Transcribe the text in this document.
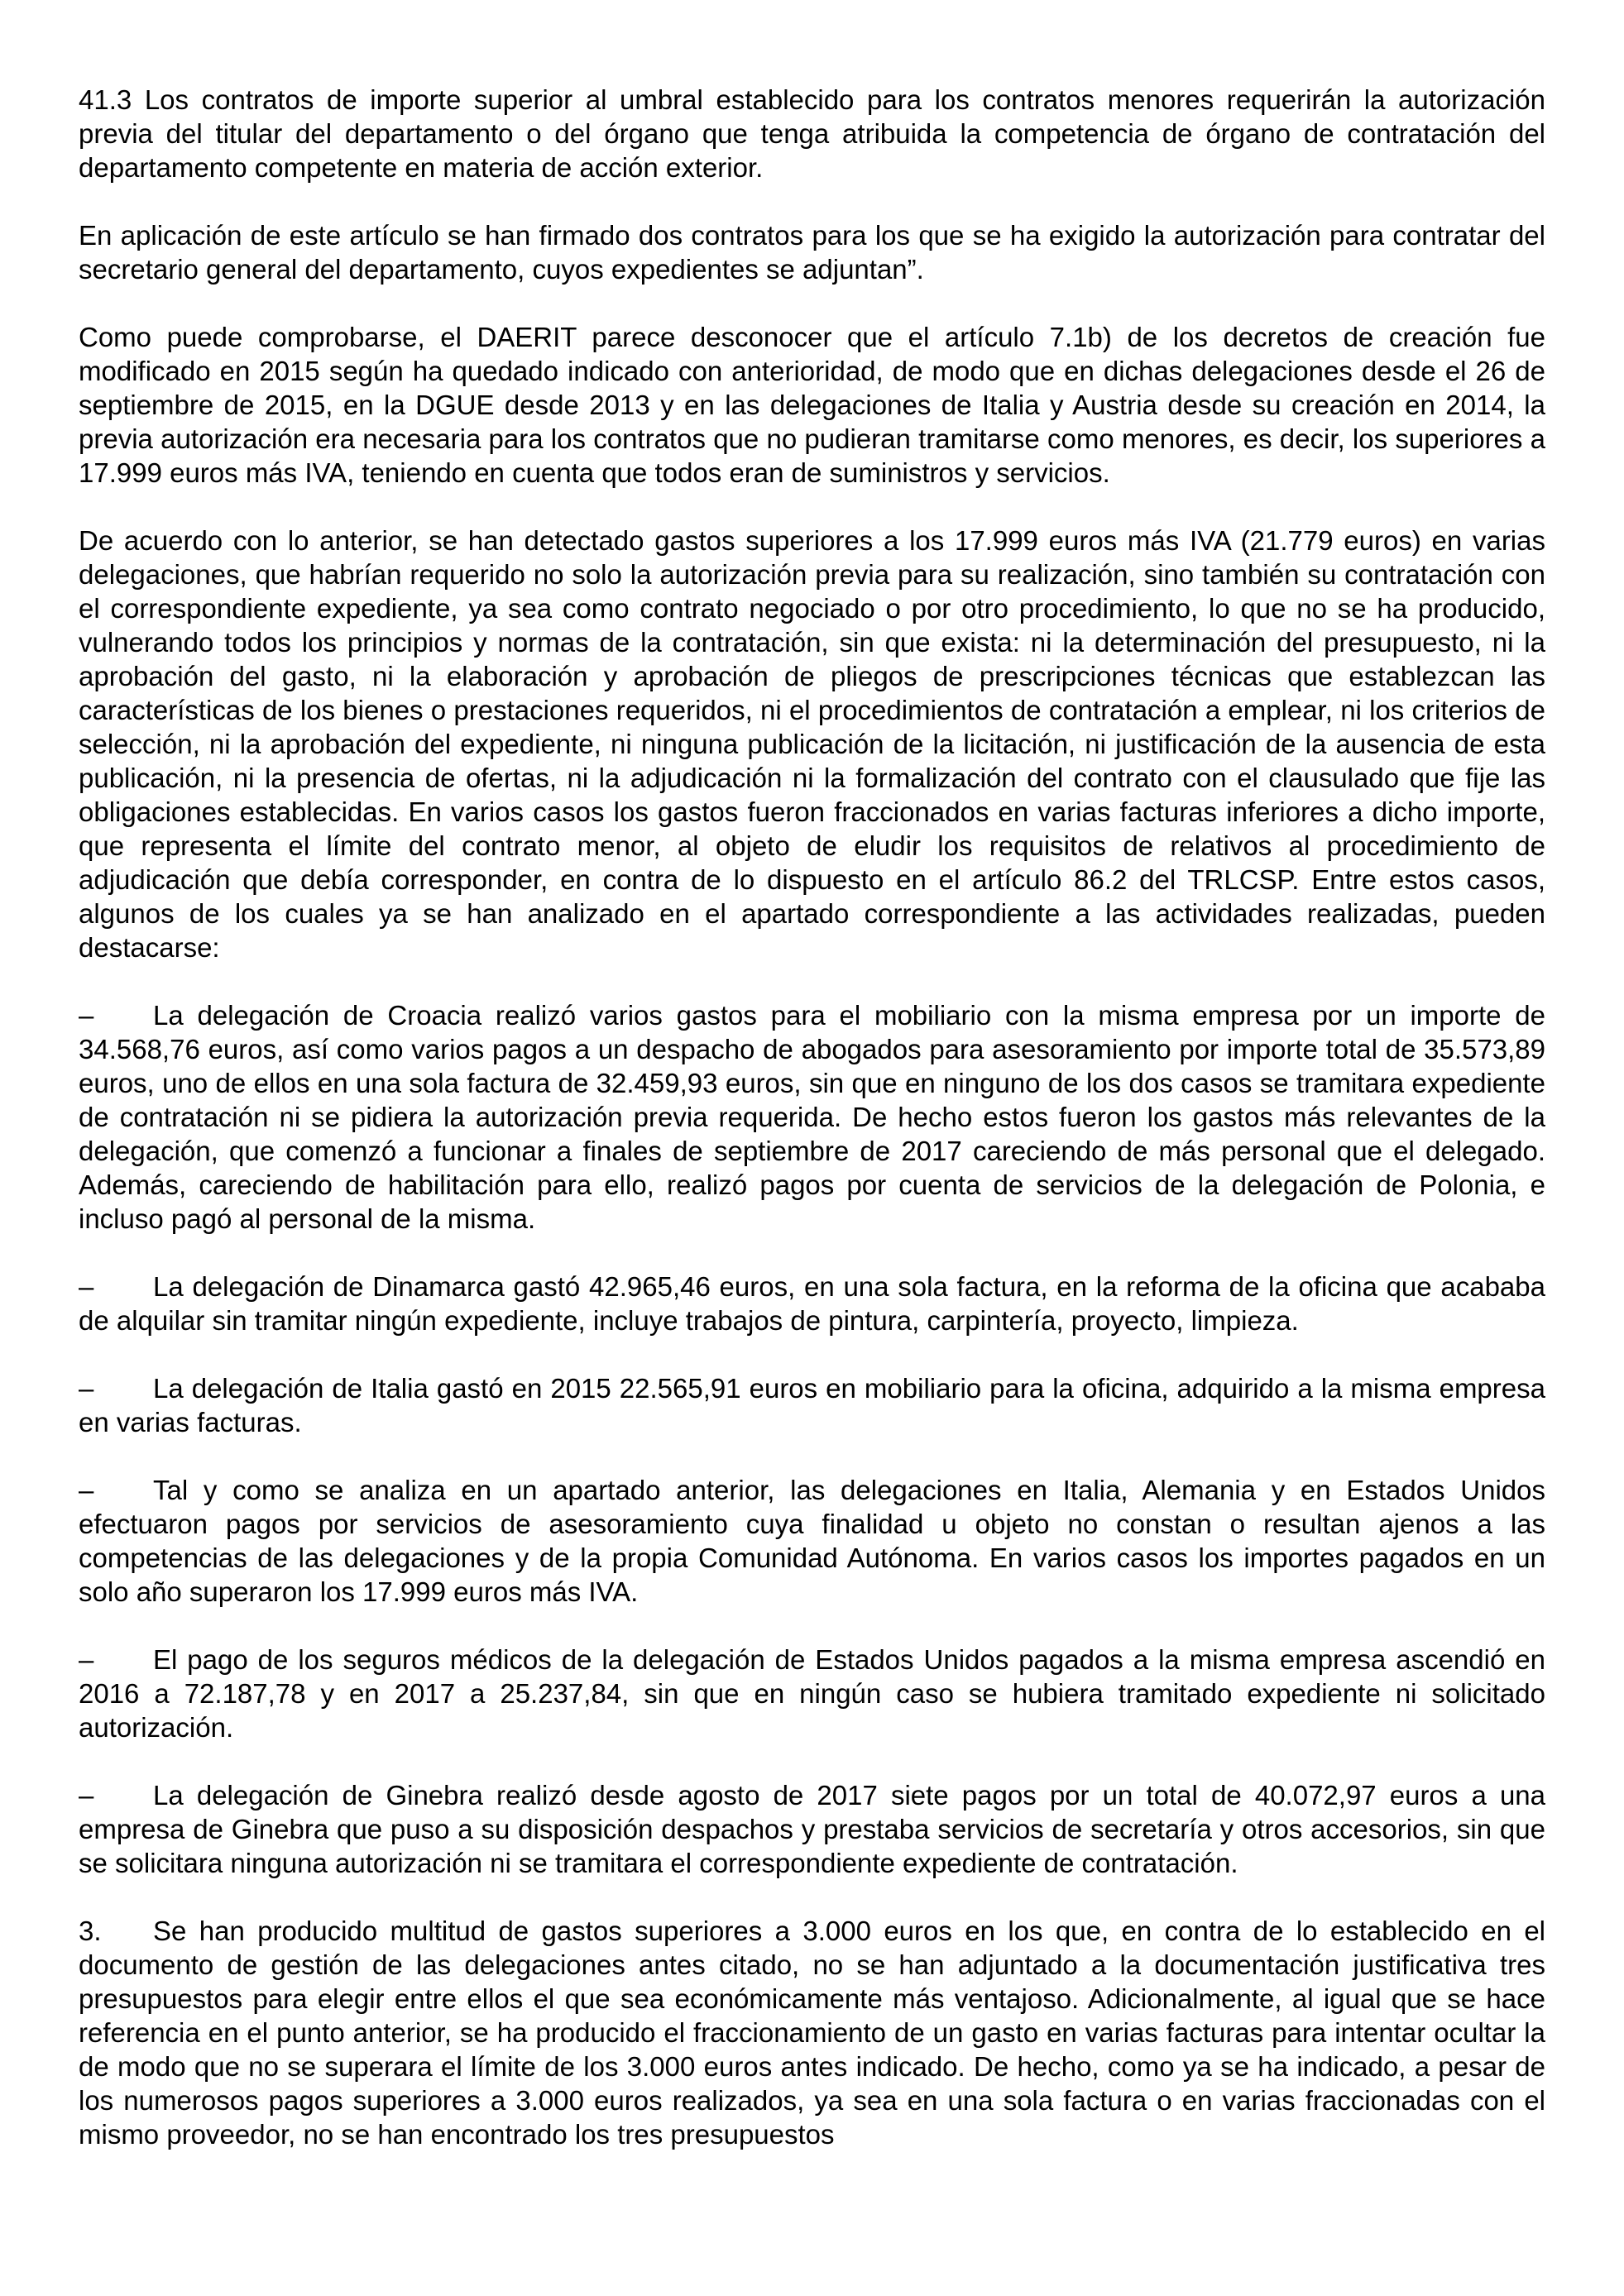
41.3 Los contratos de importe superior al umbral establecido para los contratos menores requerirán la autorización previa del titular del departamento o del órgano que tenga atribuida la competencia de órgano de contratación del departamento competente en materia de acción exterior.

En aplicación de este artículo se han firmado dos contratos para los que se ha exigido la autorización para contratar del secretario general del departamento, cuyos expedientes se adjuntan”.

Como puede comprobarse, el DAERIT parece desconocer que el artículo 7.1b) de los decretos de creación fue modificado en 2015 según ha quedado indicado con anterioridad, de modo que en dichas delegaciones desde el 26 de septiembre de 2015, en la DGUE desde 2013 y en las delegaciones de Italia y Austria desde su creación en 2014, la previa autorización era necesaria para los contratos que no pudieran tramitarse como menores, es decir, los superiores a 17.999 euros más IVA, teniendo en cuenta que todos eran de suministros y servicios.

De acuerdo con lo anterior, se han detectado gastos superiores a los 17.999 euros más IVA (21.779 euros) en varias delegaciones, que habrían requerido no solo la autorización previa para su realización, sino también su contratación con el correspondiente expediente, ya sea como contrato negociado o por otro procedimiento, lo que no se ha producido, vulnerando todos los principios y normas de la contratación, sin que exista: ni la determinación del presupuesto, ni la aprobación del gasto, ni la elaboración y aprobación de pliegos de prescripciones técnicas que establezcan las características de los bienes o prestaciones requeridos, ni el procedimientos de contratación a emplear, ni los criterios de selección, ni la aprobación del expediente, ni ninguna publicación de la licitación, ni justificación de la ausencia de esta publicación, ni la presencia de ofertas, ni la adjudicación ni la formalización del contrato con el clausulado que fije las obligaciones establecidas. En varios casos los gastos fueron fraccionados en varias facturas inferiores a dicho importe, que representa el límite del contrato menor, al objeto de eludir los requisitos de relativos al procedimiento de adjudicación que debía corresponder, en contra de lo dispuesto en el artículo 86.2 del TRLCSP. Entre estos casos, algunos de los cuales ya se han analizado en el apartado correspondiente a las actividades realizadas, pueden destacarse:

– La delegación de Croacia realizó varios gastos para el mobiliario con la misma empresa por un importe de 34.568,76 euros, así como varios pagos a un despacho de abogados para asesoramiento por importe total de 35.573,89 euros, uno de ellos en una sola factura de 32.459,93 euros, sin que en ninguno de los dos casos se tramitara expediente de contratación ni se pidiera la autorización previa requerida. De hecho estos fueron los gastos más relevantes de la delegación, que comenzó a funcionar a finales de septiembre de 2017 careciendo de más personal que el delegado. Además, careciendo de habilitación para ello, realizó pagos por cuenta de servicios de la delegación de Polonia, e incluso pagó al personal de la misma.

– La delegación de Dinamarca gastó 42.965,46 euros, en una sola factura, en la reforma de la oficina que acababa de alquilar sin tramitar ningún expediente, incluye trabajos de pintura, carpintería, proyecto, limpieza.

– La delegación de Italia gastó en 2015 22.565,91 euros en mobiliario para la oficina, adquirido a la misma empresa en varias facturas.

– Tal y como se analiza en un apartado anterior, las delegaciones en Italia, Alemania y en Estados Unidos efectuaron pagos por servicios de asesoramiento cuya finalidad u objeto no constan o resultan ajenos a las competencias de las delegaciones y de la propia Comunidad Autónoma. En varios casos los importes pagados en un solo año superaron los 17.999 euros más IVA.

– El pago de los seguros médicos de la delegación de Estados Unidos pagados a la misma empresa ascendió en 2016 a 72.187,78 y en 2017 a 25.237,84, sin que en ningún caso se hubiera tramitado expediente ni solicitado autorización.

– La delegación de Ginebra realizó desde agosto de 2017 siete pagos por un total de 40.072,97 euros a una empresa de Ginebra que puso a su disposición despachos y prestaba servicios de secretaría y otros accesorios, sin que se solicitara ninguna autorización ni se tramitara el correspondiente expediente de contratación.

3. Se han producido multitud de gastos superiores a 3.000 euros en los que, en contra de lo establecido en el documento de gestión de las delegaciones antes citado, no se han adjuntado a la documentación justificativa tres presupuestos para elegir entre ellos el que sea económicamente más ventajoso. Adicionalmente, al igual que se hace referencia en el punto anterior, se ha producido el fraccionamiento de un gasto en varias facturas para intentar ocultar la de modo que no se superara el límite de los 3.000 euros antes indicado. De hecho, como ya se ha indicado, a pesar de los numerosos pagos superiores a 3.000 euros realizados, ya sea en una sola factura o en varias fraccionadas con el mismo proveedor, no se han encontrado los tres presupuestos
